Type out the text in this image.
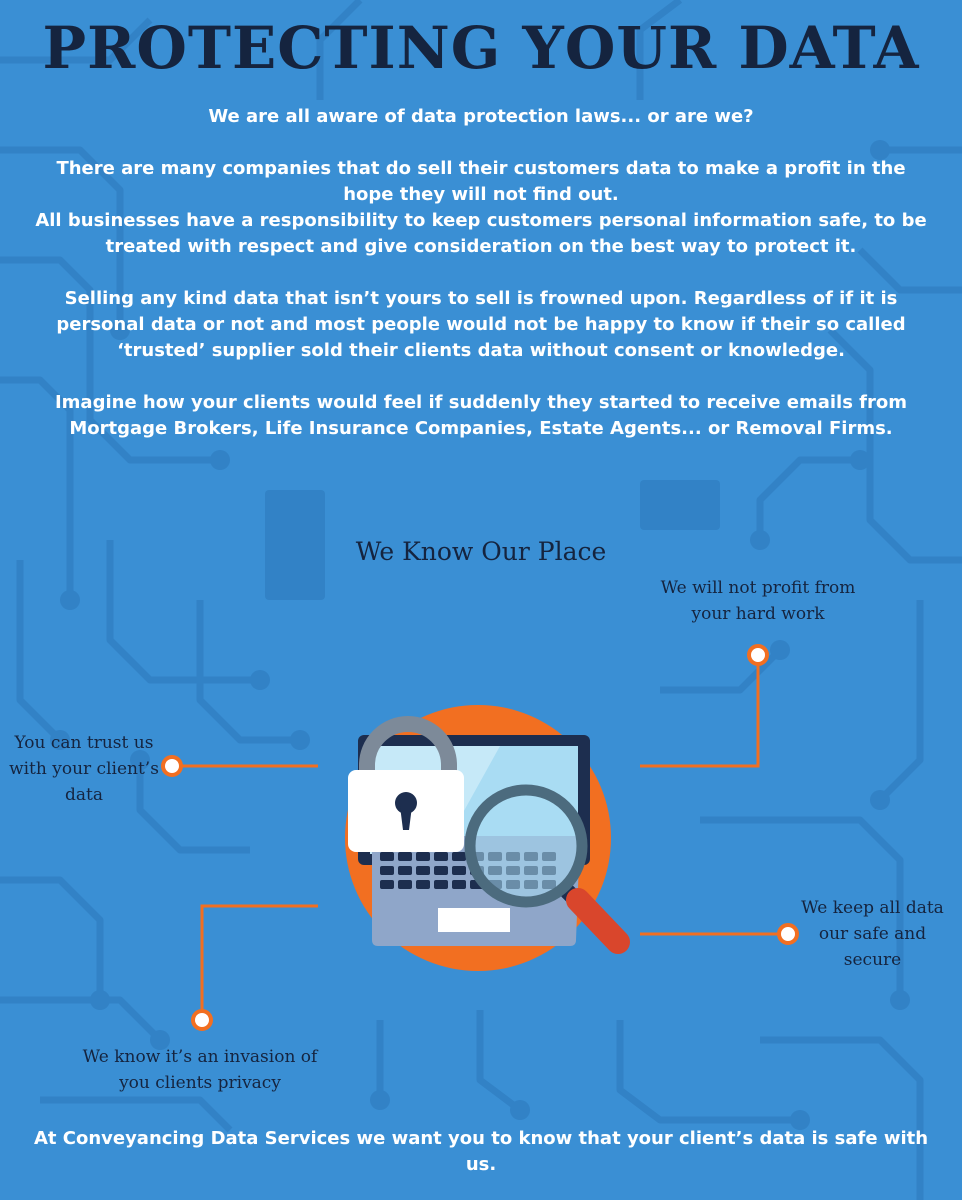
PROTECTING YOUR DATA

We are all aware of data protection laws... or are we?

There are many companies that do sell their customers data to make a profit in the hope they will not find out.

All businesses have a responsibility to keep customers personal information safe, to be treated with respect and give consideration on the best way to protect it.

Selling any kind data that isn’t yours to sell is frowned upon. Regardless of if it is personal data or not and most people would not be happy to know if their so called ‘trusted’ supplier sold their clients data without consent or knowledge.

Imagine how your clients would feel if suddenly they started to receive emails from Mortgage Brokers, Life Insurance Companies, Estate Agents... or Removal Firms.

We Know Our Place
We will not profit from your hard work
You can trust us with your client’s data
We keep all data our safe and secure
We know it’s an invasion of you clients privacy

At Conveyancing Data Services we want you to know that your client’s data is safe with us.
